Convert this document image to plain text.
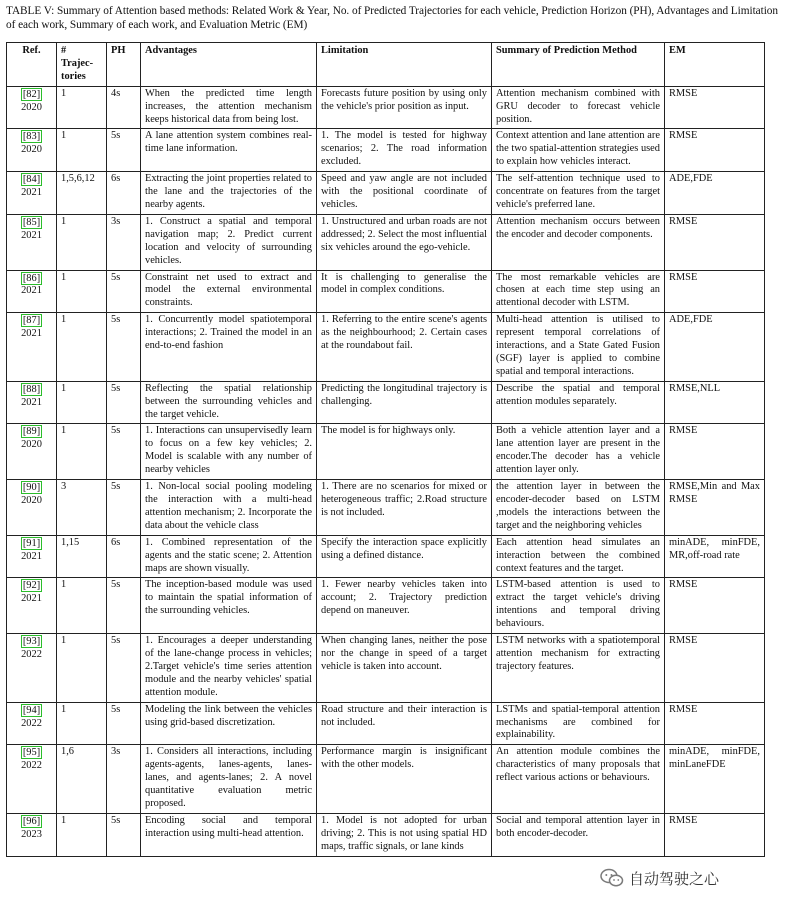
TABLE V: Summary of Attention based methods: Related Work & Year, No. of Predicted Trajectories for each vehicle, Prediction Horizon (PH), Advantages and Limitation of each work, Summary of each work, and Evaluation Metric (EM)
Ref.	#
Trajec-
tories	PH	Advantages	Limitation	Summary of Prediction Method	EM
[82]
2020	1	4s	When the predicted time length increases, the attention mechanism keeps historical data from being lost.	Forecasts future position by using only the vehicle's prior position as input.	Attention mechanism combined with GRU decoder to forecast vehicle position.	RMSE
[83]
2020	1	5s	A lane attention system combines real-time lane information.	1. The model is tested for highway scenarios; 2. The road information excluded.	Context attention and lane attention are the two spatial-attention strategies used to explain how vehicles interact.	RMSE
[84]
2021	1,5,6,12	6s	Extracting the joint properties related to the lane and the trajectories of the nearby agents.	Speed and yaw angle are not included with the positional coordinate of vehicles.	The self-attention technique used to concentrate on features from the target vehicle's preferred lane.	ADE,FDE
[85]
2021	1	3s	1. Construct a spatial and temporal navigation map; 2. Predict current location and velocity of surrounding vehicles.	1. Unstructured and urban roads are not addressed; 2. Select the most influential six vehicles around the ego-vehicle.	Attention mechanism occurs between the encoder and decoder components.	RMSE
[86]
2021	1	5s	Constraint net used to extract and model the external environmental constraints.	It is challenging to generalise the model in complex conditions.	The most remarkable vehicles are chosen at each time step using an attentional decoder with LSTM.	RMSE
[87]
2021	1	5s	1. Concurrently model spatiotemporal interactions; 2. Trained the model in an end-to-end fashion	1. Referring to the entire scene's agents as the neighbourhood; 2. Certain cases at the roundabout fail.	Multi-head attention is utilised to represent temporal correlations of interactions, and a State Gated Fusion (SGF) layer is applied to combine spatial and temporal interactions.	ADE,FDE
[88]
2021	1	5s	Reflecting the spatial relationship between the surrounding vehicles and the target vehicle.	Predicting the longitudinal trajectory is challenging.	Describe the spatial and temporal attention modules separately.	RMSE,NLL
[89]
2020	1	5s	1. Interactions can unsupervisedly learn to focus on a few key vehicles; 2. Model is scalable with any number of nearby vehicles	The model is for highways only.	Both a vehicle attention layer and a lane attention layer are present in the encoder.The decoder has a vehicle attention layer only.	RMSE
[90]
2020	3	5s	1. Non-local social pooling modeling the interaction with a multi-head attention mechanism; 2. Incorporate the data about the vehicle class	1. There are no scenarios for mixed or heterogeneous traffic; 2.Road structure is not included.	the attention layer in between the encoder-decoder based on LSTM ,models the interactions between the target and the neighboring vehicles	RMSE,Min and Max RMSE
[91]
2021	1,15	6s	1. Combined representation of the agents and the static scene; 2. Attention maps are shown visually.	Specify the interaction space explicitly using a defined distance.	Each attention head simulates an interaction between the combined context features and the target.	minADE, minFDE, MR,off-road rate
[92]
2021	1	5s	The inception-based module was used to maintain the spatial information of the surrounding vehicles.	1. Fewer nearby vehicles taken into account; 2. Trajectory prediction depend on maneuver.	LSTM-based attention is used to extract the target vehicle's driving intentions and temporal driving behaviours.	RMSE
[93]
2022	1	5s	1. Encourages a deeper understanding of the lane-change process in vehicles; 2.Target vehicle's time series attention module and the nearby vehicles' spatial attention module.	When changing lanes, neither the pose nor the change in speed of a target vehicle is taken into account.	LSTM networks with a spatiotemporal attention mechanism for extracting trajectory features.	RMSE
[94]
2022	1	5s	Modeling the link between the vehicles using grid-based discretization.	Road structure and their interaction is not included.	LSTMs and spatial-temporal attention mechanisms are combined for explainability.	RMSE
[95]
2022	1,6	3s	1. Considers all interactions, including agents-agents, lanes-agents, lanes-lanes, and agents-lanes; 2. A novel quantitative evaluation metric proposed.	Performance margin is insignificant with the other models.	An attention module combines the characteristics of many proposals that reflect various actions or behaviours.	minADE, minFDE, minLaneFDE
[96]
2023	1	5s	Encoding social and temporal interaction using multi-head attention.	1. Model is not adopted for urban driving; 2. This is not using spatial HD maps, traffic signals, or lane kinds	Social and temporal attention layer in both encoder-decoder.	RMSE
自动驾驶之心
